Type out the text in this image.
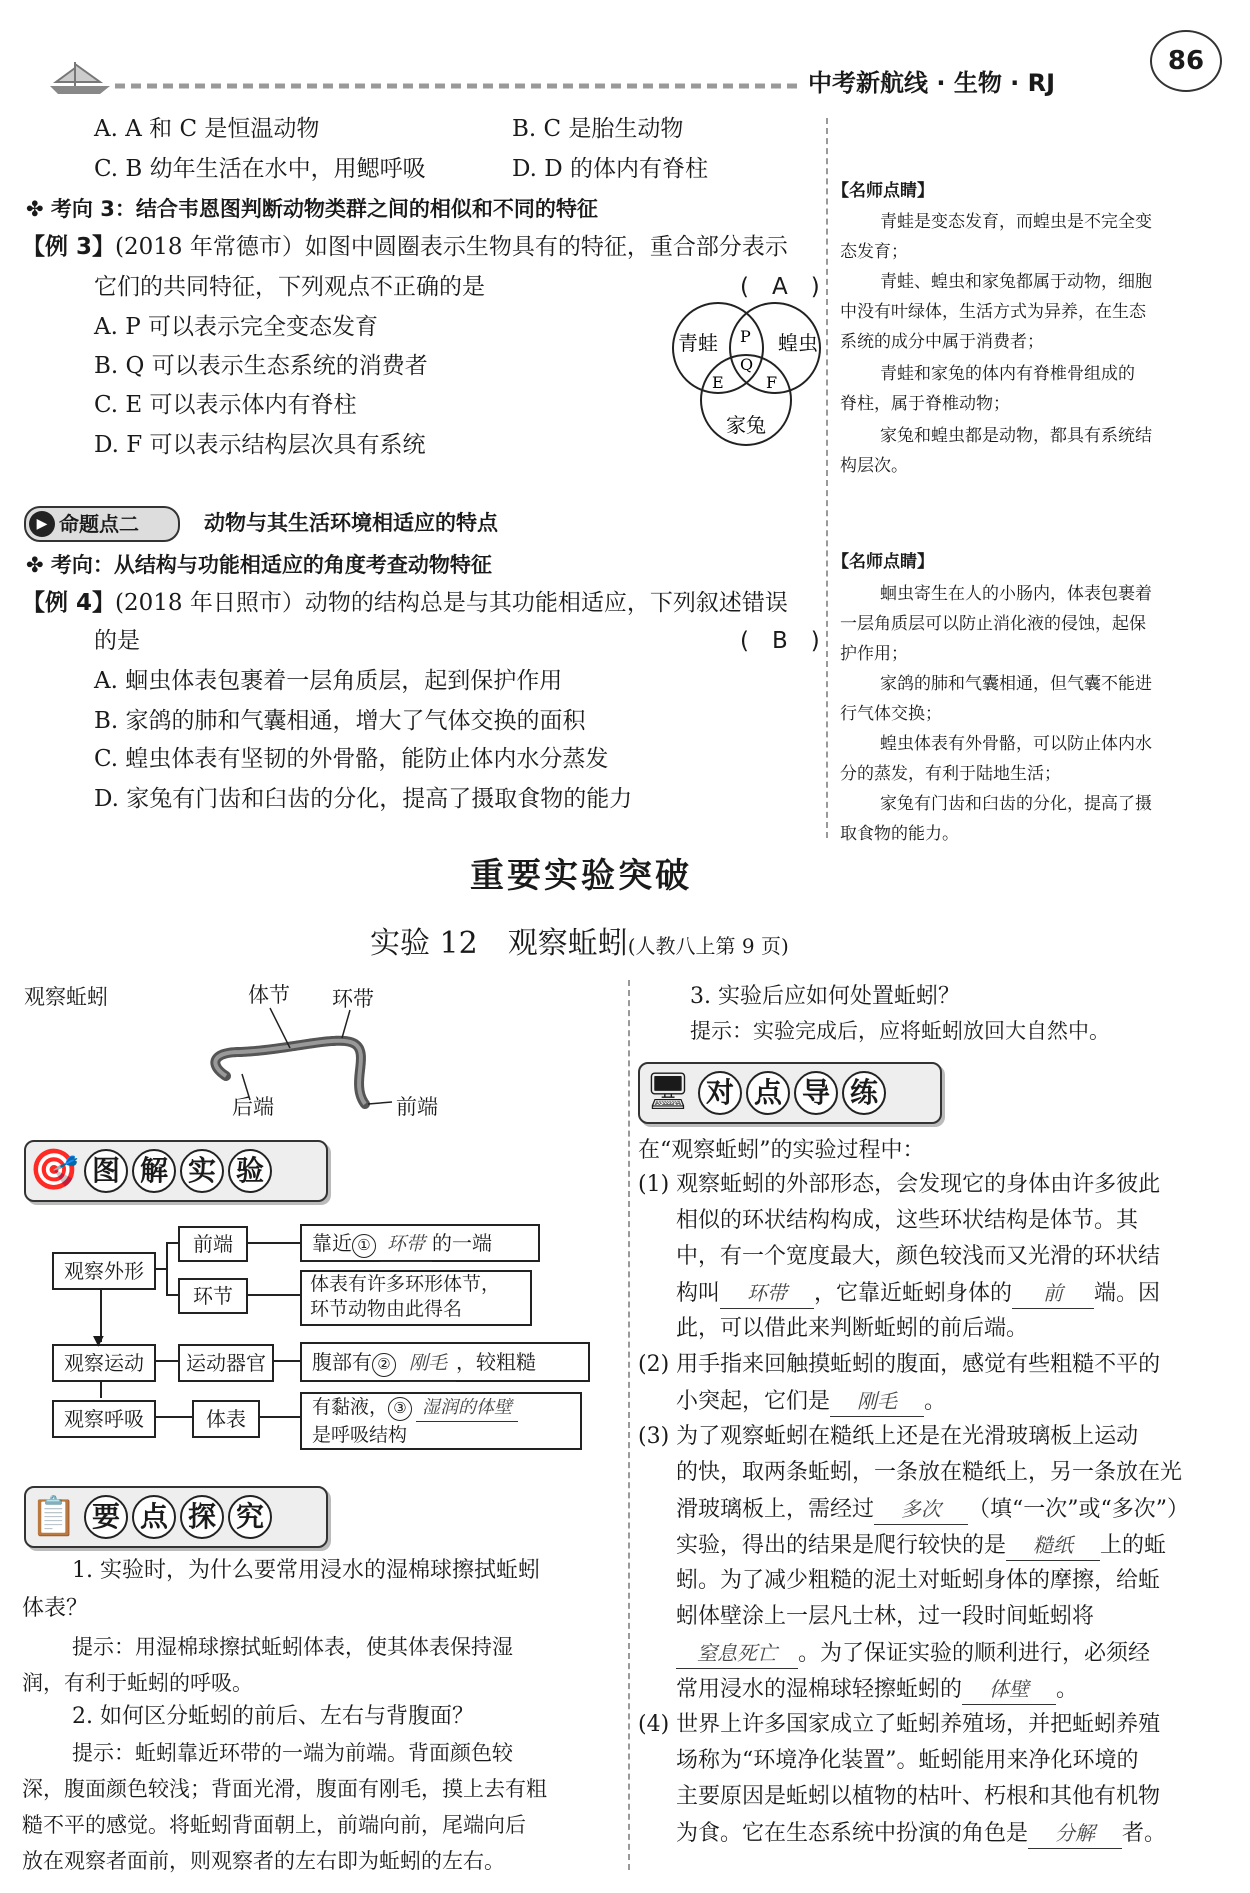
中考新航线 · 生物 · RJ
86
A. A 和 C 是恒温动物	B. C 是胎生动物
C. B 幼年生活在水中，用鳃呼吸	D. D 的体内有脊柱
✤ 考向 3：结合韦恩图判断动物类群之间的相似和不同的特征
【例 3】(2018 年常德市）如图中圆圈表示生物具有的特征，重合部分表示
它们的共同特征，下列观点不正确的是	(　A　)
A. P 可以表示完全变态发育
B. Q 可以表示生态系统的消费者
C. E 可以表示体内有脊柱
D. F 可以表示结构层次具有系统
青蛙	蝗虫
家兔
P
Q
E	F
【名师点睛】
青蛙是变态发育，而蝗虫是不完全变
态发育；
青蛙、蝗虫和家兔都属于动物，细胞
中没有叶绿体，生活方式为异养，在生态
系统的成分中属于消费者；
青蛙和家兔的体内有脊椎骨组成的
脊柱，属于脊椎动物；
家兔和蝗虫都是动物，都具有系统结
构层次。
▶ 命题点二	动物与其生活环境相适应的特点
✤ 考向：从结构与功能相适应的角度考查动物特征
【例 4】(2018 年日照市）动物的结构总是与其功能相适应，下列叙述错误
的是	(　B　)
A. 蛔虫体表包裹着一层角质层，起到保护作用
B. 家鸽的肺和气囊相通，增大了气体交换的面积
C. 蝗虫体表有坚韧的外骨骼，能防止体内水分蒸发
D. 家兔有门齿和臼齿的分化，提高了摄取食物的能力
【名师点睛】
蛔虫寄生在人的小肠内，体表包裹着
一层角质层可以防止消化液的侵蚀，起保
护作用；
家鸽的肺和气囊相通，但气囊不能进
行气体交换；
蝗虫体表有外骨骼，可以防止体内水
分的蒸发，有利于陆地生活；
家兔有门齿和臼齿的分化，提高了摄
取食物的能力。
重要实验突破
实验 12　观察蚯蚓(人教八上第 9 页)
观察蚯蚓	体节 环带
后端	前端
🎯 图 解 实 验
观察外形
前端
环节
靠近 ① 环带 的一端
体表有许多环形体节，
环节动物由此得名
观察运动	运动器官	腹部有 ② 刚毛 ，较粗糙
观察呼吸	体表	有黏液， ③ 湿润的体壁
是呼吸结构
▼
📋 要 点 探 究
1. 实验时，为什么要常用浸水的湿棉球擦拭蚯蚓
体表？
提示：用湿棉球擦拭蚯蚓体表，使其体表保持湿
润，有利于蚯蚓的呼吸。
2. 如何区分蚯蚓的前后、左右与背腹面？
提示：蚯蚓靠近环带的一端为前端。背面颜色较
深，腹面颜色较浅；背面光滑，腹面有刚毛，摸上去有粗
糙不平的感觉。将蚯蚓背面朝上，前端向前，尾端向后
放在观察者面前，则观察者的左右即为蚯蚓的左右。
3. 实验后应如何处置蚯蚓？
提示：实验完成后，应将蚯蚓放回大自然中。
🖥 对 点 导 练
在“观察蚯蚓”的实验过程中：
(1) 观察蚯蚓的外部形态，会发现它的身体由许多彼此
相似的环状结构构成，这些环状结构是体节。其
中，有一个宽度最大，颜色较浅而又光滑的环状结
构叫 环带 ，它靠近蚯蚓身体的 前 端。因
此，可以借此来判断蚯蚓的前后端。
(2) 用手指来回触摸蚯蚓的腹面，感觉有些粗糙不平的
小突起，它们是 刚毛 。
(3) 为了观察蚯蚓在糙纸上还是在光滑玻璃板上运动
的快，取两条蚯蚓，一条放在糙纸上，另一条放在光
滑玻璃板上，需经过 多次 （填“一次”或“多次”）
实验，得出的结果是爬行较快的是 糙纸 上的蚯
蚓。为了减少粗糙的泥土对蚯蚓身体的摩擦，给蚯
蚓体壁涂上一层凡士林，过一段时间蚯蚓将
窒息死亡 。为了保证实验的顺利进行，必须经
常用浸水的湿棉球轻擦蚯蚓的 体壁 。
(4) 世界上许多国家成立了蚯蚓养殖场，并把蚯蚓养殖
场称为“环境净化装置”。蚯蚓能用来净化环境的
主要原因是蚯蚓以植物的枯叶、朽根和其他有机物
为食。它在生态系统中扮演的角色是 分解 者。
